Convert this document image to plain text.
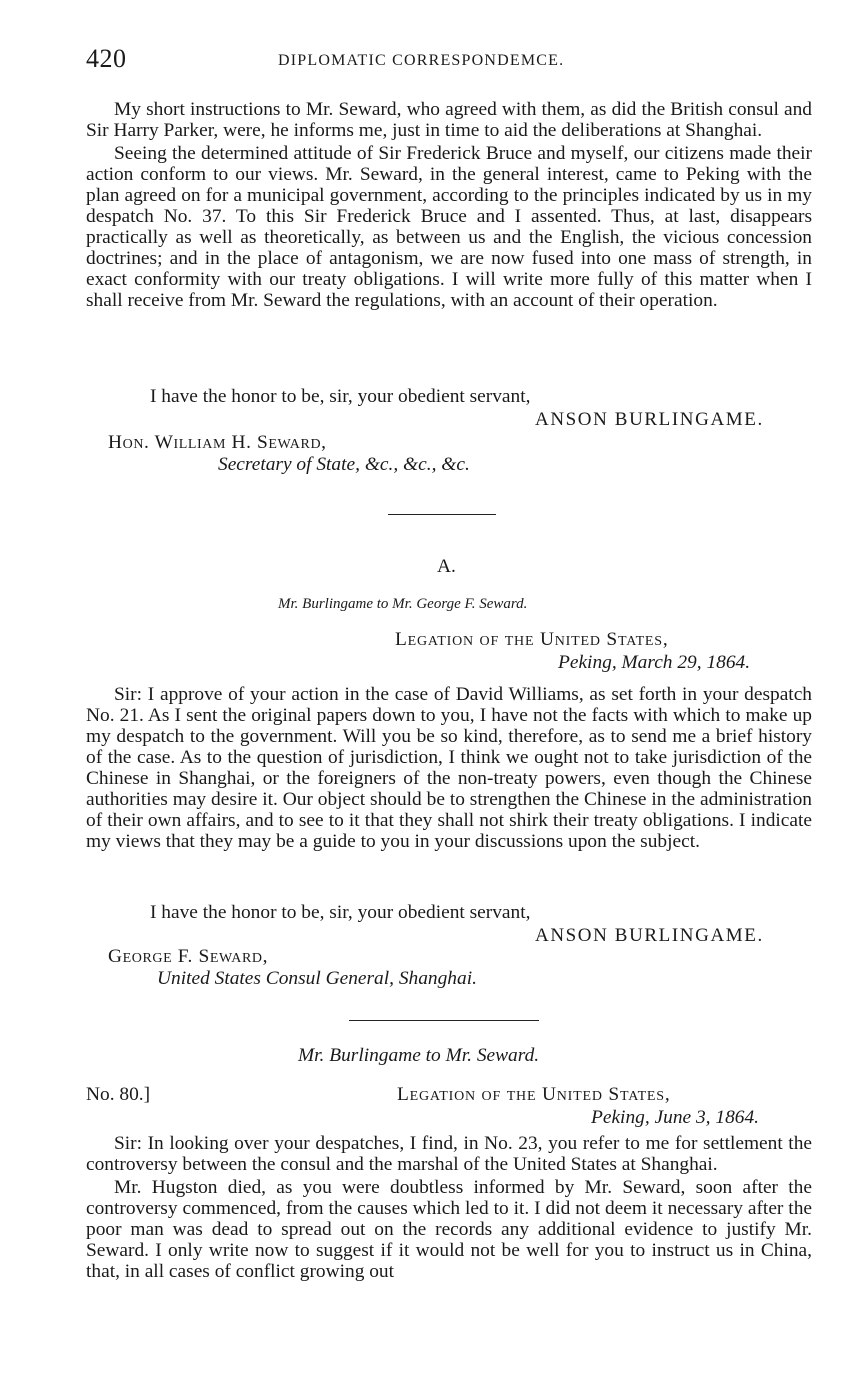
420	DIPLOMATIC CORRESPONDEMCE.

My short instructions to Mr. Seward, who agreed with them, as did the British consul and Sir Harry Parker, were, he informs me, just in time to aid the deliberations at Shanghai.

Seeing the determined attitude of Sir Frederick Bruce and myself, our citizens made their action conform to our views. Mr. Seward, in the general interest, came to Peking with the plan agreed on for a municipal government, according to the principles indicated by us in my despatch No. 37. To this Sir Frederick Bruce and I assented. Thus, at last, disappears practically as well as theoretically, as between us and the English, the vicious concession doctrines; and in the place of antagonism, we are now fused into one mass of strength, in exact conformity with our treaty obligations. I will write more fully of this matter when I shall receive from Mr. Seward the regulations, with an account of their operation.

I have the honor to be, sir, your obedient servant,
ANSON BURLINGAME.
Hon. William H. Seward,
Secretary of State, &c., &c., &c.
A.
Mr. Burlingame to Mr. George F. Seward.
Legation of the United States,
Peking, March 29, 1864.

Sir: I approve of your action in the case of David Williams, as set forth in your despatch No. 21. As I sent the original papers down to you, I have not the facts with which to make up my despatch to the government. Will you be so kind, therefore, as to send me a brief history of the case. As to the question of jurisdiction, I think we ought not to take jurisdiction of the Chinese in Shanghai, or the foreigners of the non-treaty powers, even though the Chinese authorities may desire it. Our object should be to strengthen the Chinese in the administration of their own affairs, and to see to it that they shall not shirk their treaty obligations. I indicate my views that they may be a guide to you in your discussions upon the subject.

I have the honor to be, sir, your obedient servant,
ANSON BURLINGAME.
George F. Seward,
United States Consul General, Shanghai.
Mr. Burlingame to Mr. Seward.
No. 80.]	Legation of the United States,
Peking, June 3, 1864.

Sir: In looking over your despatches, I find, in No. 23, you refer to me for settlement the controversy between the consul and the marshal of the United States at Shanghai.

Mr. Hugston died, as you were doubtless informed by Mr. Seward, soon after the controversy commenced, from the causes which led to it. I did not deem it necessary after the poor man was dead to spread out on the records any additional evidence to justify Mr. Seward. I only write now to suggest if it would not be well for you to instruct us in China, that, in all cases of conflict growing out
